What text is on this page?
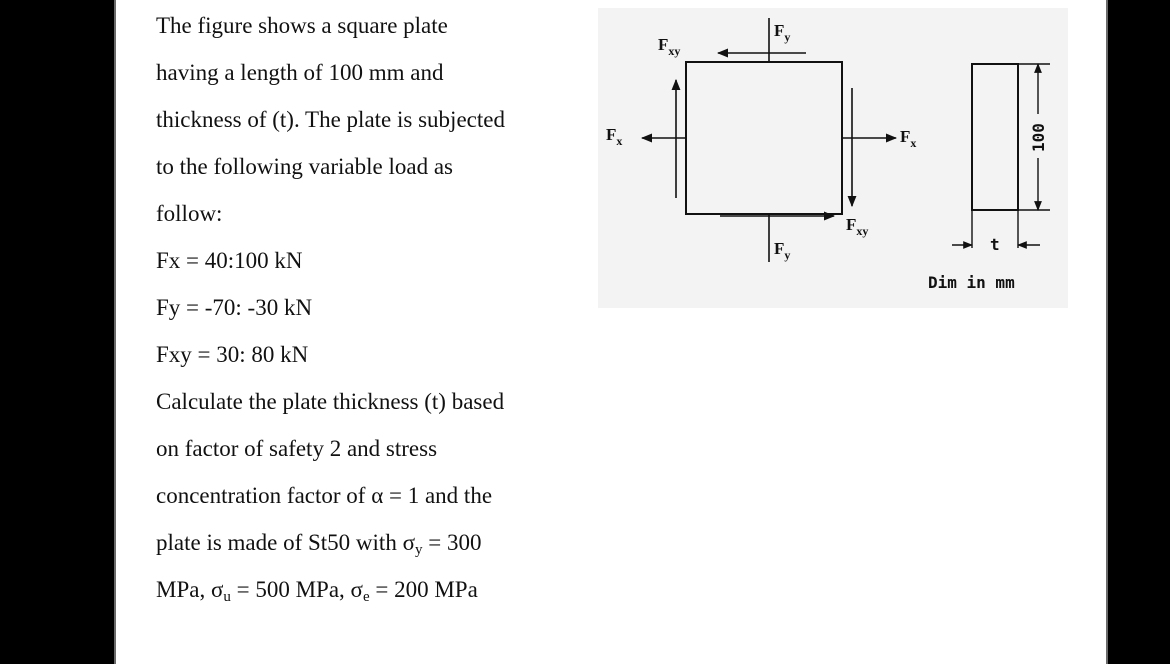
The figure shows a square plate
having a length of 100 mm and
thickness of (t). The plate is subjected
to the following variable load as
follow:
Fx = 40:100 kN
Fy = -70: -30 kN
Fxy = 30: 80 kN
Calculate the plate thickness (t) based
on factor of safety 2 and stress
concentration factor of α = 1 and the
plate is made of St50 with $\sigma_y = 300$
MPa, $\sigma_u = 500$ MPa, $\sigma_e = 200$ MPa
$F_y$
$F_{xy}$
$F_x$	$F_x$
$F_{xy}$
$F_y$
100
t
Dim in mm
